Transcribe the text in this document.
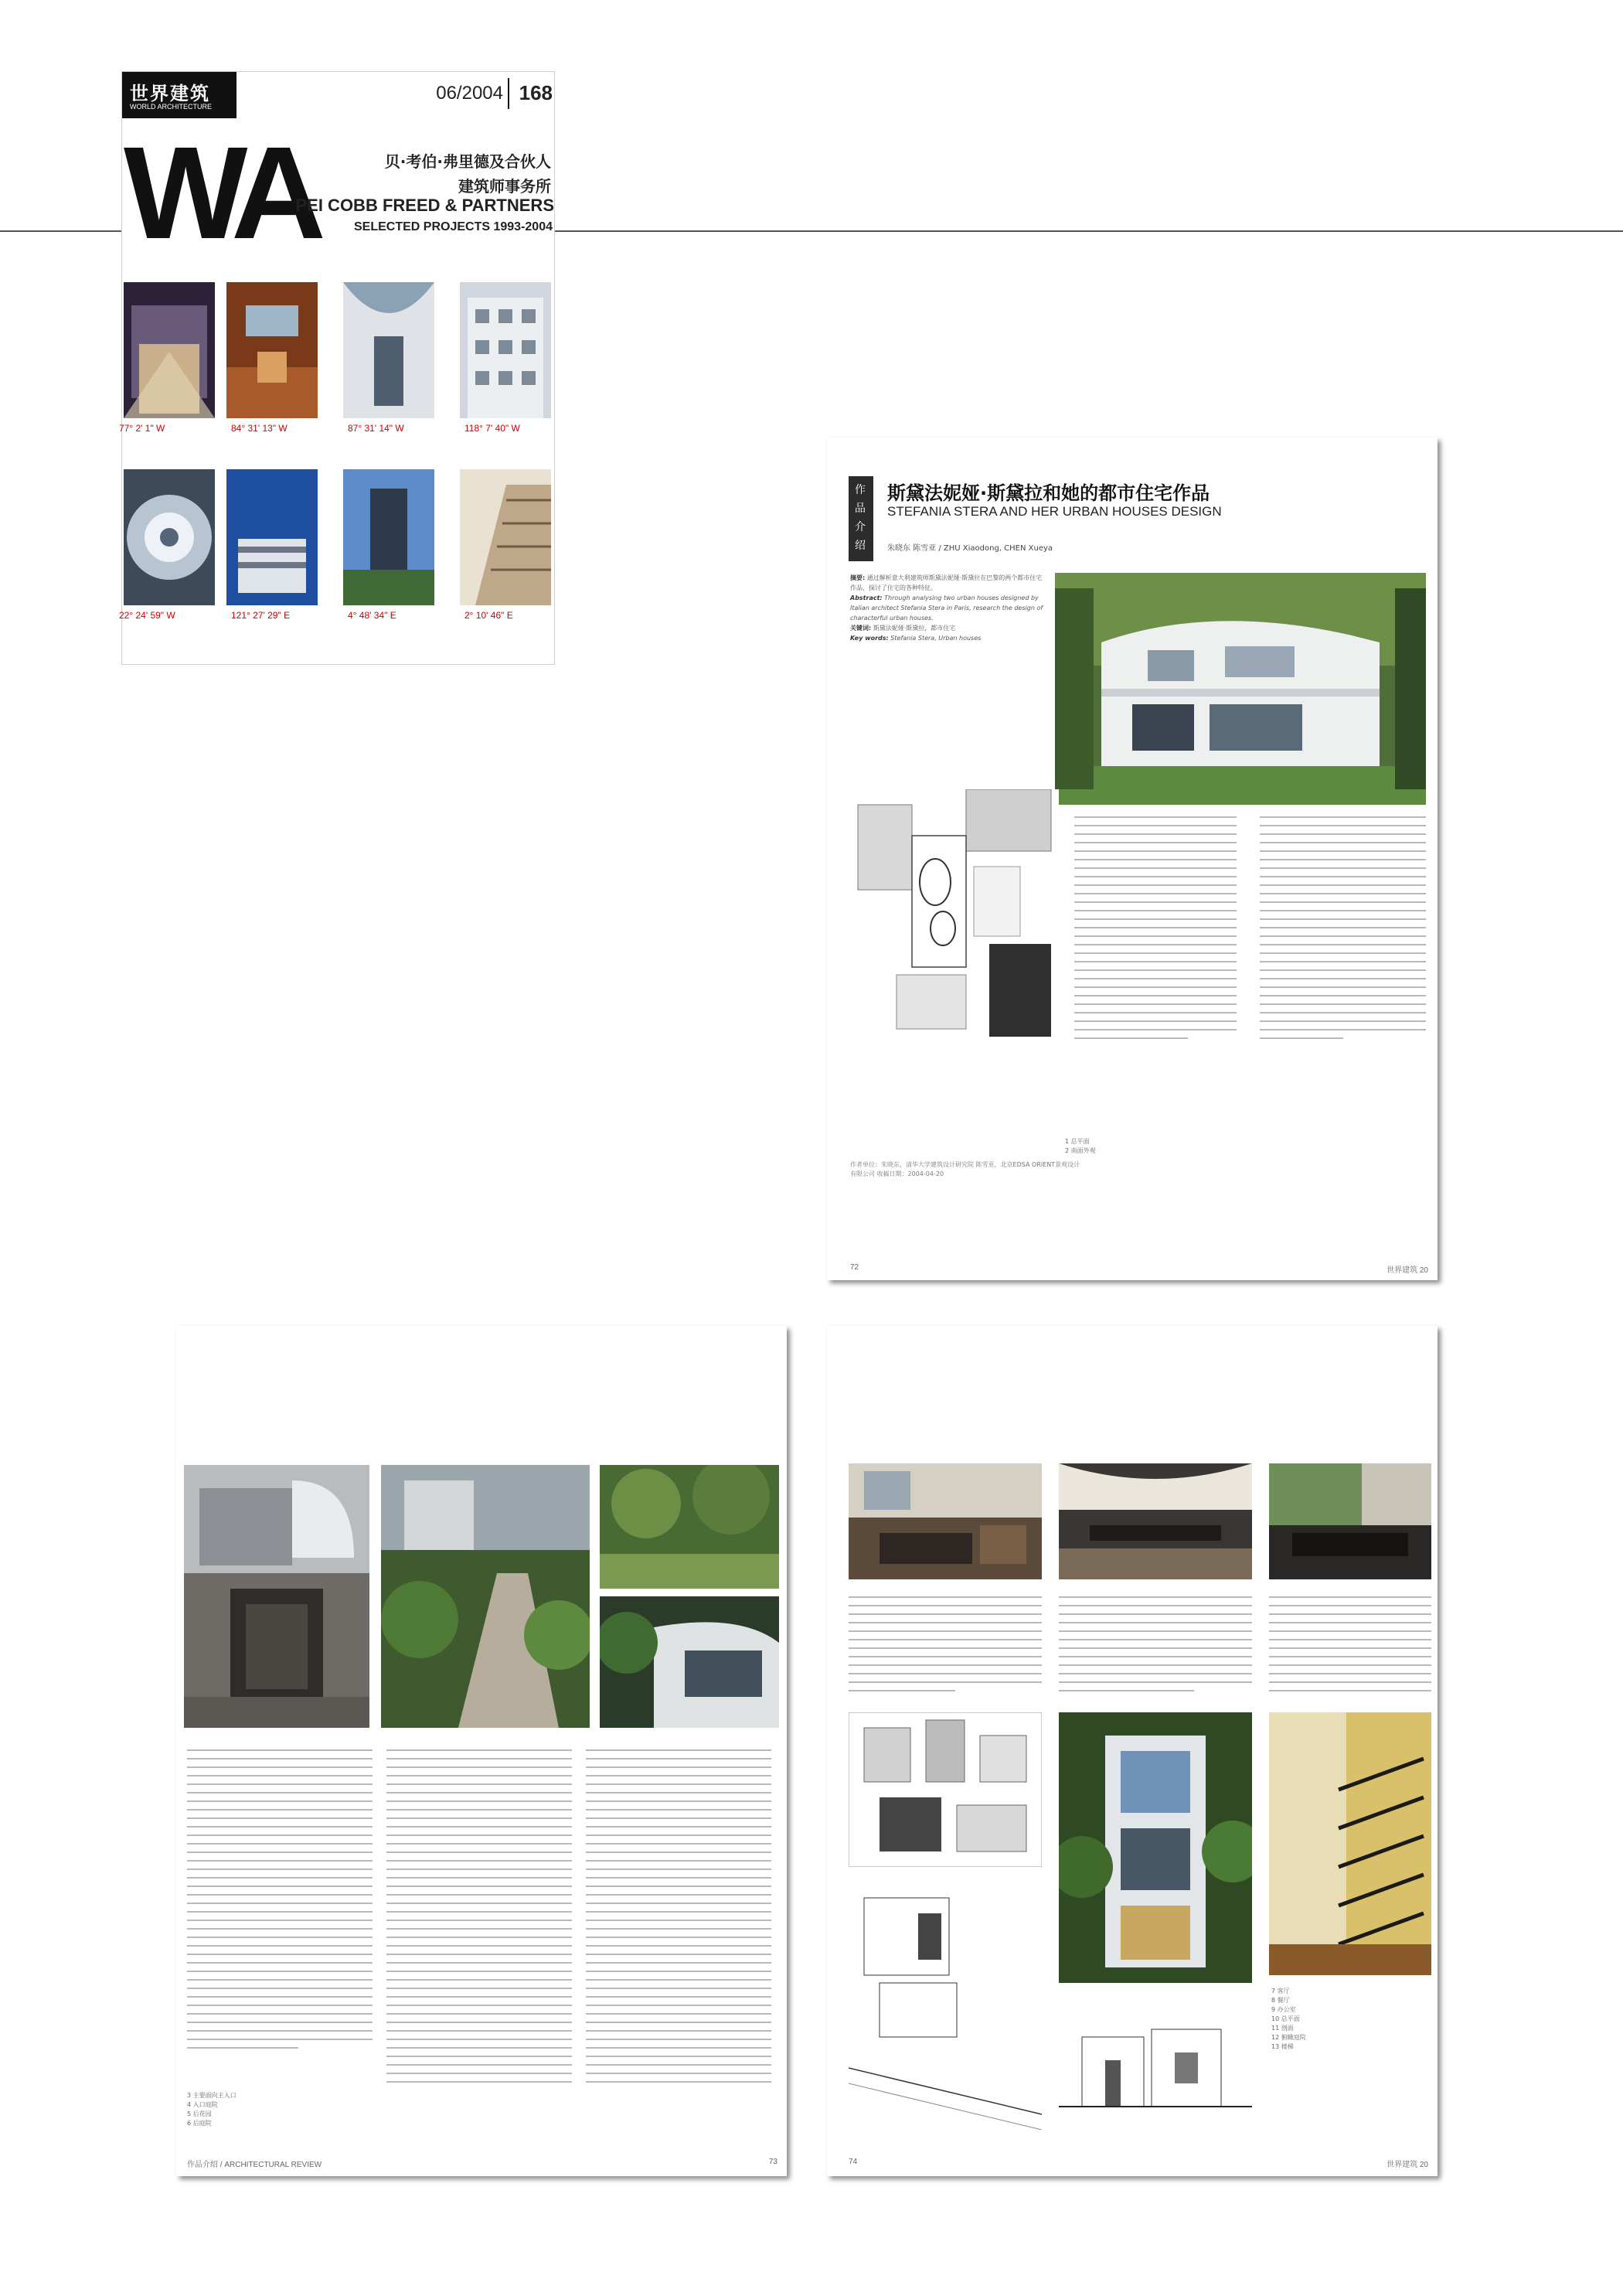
世界建筑
WORLD ARCHITECTURE
06/2004 168
WA	贝·考伯·弗里德及合伙人
建筑师事务所
PEI COBB FREED & PARTNERS
SELECTED PROJECTS 1993-2004
77° 2' 1" W	84° 31' 13" W	87° 31' 14" W	118° 7' 40" W
22° 24' 59" W	121° 27' 29" E	4° 48' 34" E	2° 10' 46" E
作品介绍
斯黛法妮娅·斯黛拉和她的都市住宅作品
STEFANIA STERA AND HER URBAN HOUSES DESIGN
朱晓东 陈雪亚 / ZHU Xiaodong, CHEN Xueya
摘要: 通过解析意大利建筑师斯黛法妮娅·斯黛拉在巴黎的两个都市住宅作品，探讨了住宅的各种特征。
Abstract: Through analysing two urban houses designed by Italian architect Stefania Stera in Paris, research the design of characterful urban houses.
关键词: 斯黛法妮娅·斯黛拉，都市住宅
Key words: Stefania Stera, Urban houses
1 总平面
2 南面外观
作者单位：朱晓东，清华大学建筑设计研究院 陈雪亚，北京EDSA ORIENT景观设计有限公司 收稿日期：2004-04-20
72	世界建筑 20
3 主要面向主入口
4 入口庭院
5 后花园
6 后庭院
作品介绍 / ARCHITECTURAL REVIEW	73
7 客厅
8 餐厅
9 办公室
10 总平面
11 剖面
12 俯瞰庭院
13 楼梯
74	世界建筑 20
